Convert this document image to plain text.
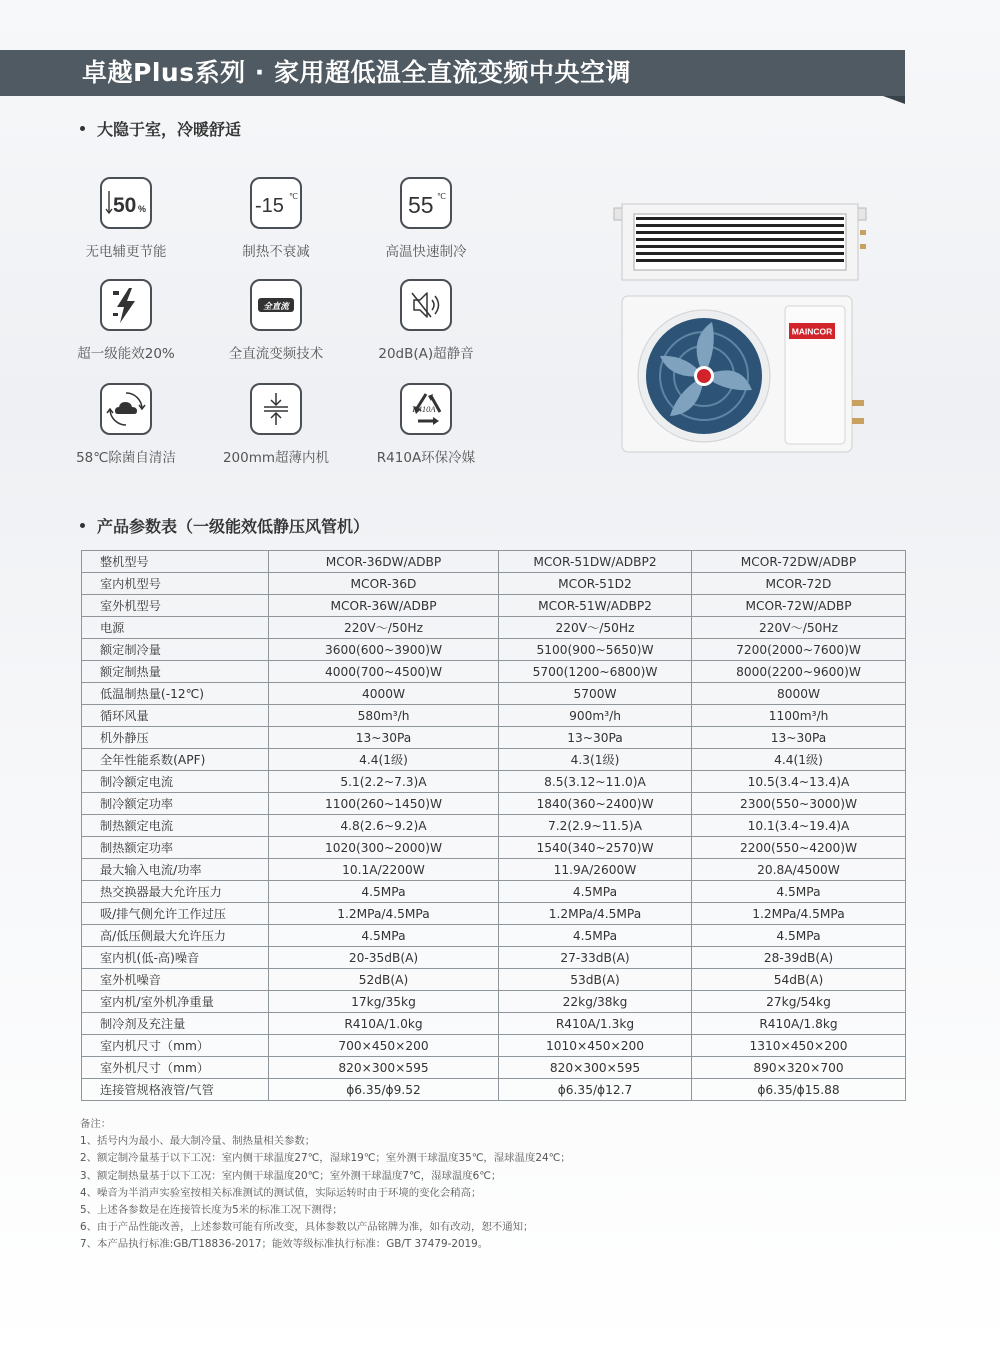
卓越Plus系列 · 家用超低温全直流变频中央空调
大隐于室，冷暖舒适
50 %
无电辅更节能
-15 ℃
制热不衰减
55 ℃
高温快速制冷
超一级能效20%
全直流
全直流变频技术	20dB(A)超静音
58℃除菌自清洁	200mm超薄内机
R410A
R410A环保冷媒
MAINCOR
产品参数表（一级能效低静压风管机）
整机型号	MCOR-36DW/ADBP	MCOR-51DW/ADBP2	MCOR-72DW/ADBP
室内机型号	MCOR-36D	MCOR-51D2	MCOR-72D
室外机型号	MCOR-36W/ADBP	MCOR-51W/ADBP2	MCOR-72W/ADBP
电源	220V～/50Hz	220V～/50Hz	220V～/50Hz
额定制冷量	3600(600~3900)W	5100(900~5650)W	7200(2000~7600)W
额定制热量	4000(700~4500)W	5700(1200~6800)W	8000(2200~9600)W
低温制热量(-12℃)	4000W	5700W	8000W
循环风量	580m³/h	900m³/h	1100m³/h
机外静压	13~30Pa	13~30Pa	13~30Pa
全年性能系数(APF)	4.4(1级)	4.3(1级)	4.4(1级)
制冷额定电流	5.1(2.2~7.3)A	8.5(3.12~11.0)A	10.5(3.4~13.4)A
制冷额定功率	1100(260~1450)W	1840(360~2400)W	2300(550~3000)W
制热额定电流	4.8(2.6~9.2)A	7.2(2.9~11.5)A	10.1(3.4~19.4)A
制热额定功率	1020(300~2000)W	1540(340~2570)W	2200(550~4200)W
最大输入电流/功率	10.1A/2200W	11.9A/2600W	20.8A/4500W
热交换器最大允许压力	4.5MPa	4.5MPa	4.5MPa
吸/排气侧允许工作过压	1.2MPa/4.5MPa	1.2MPa/4.5MPa	1.2MPa/4.5MPa
高/低压侧最大允许压力	4.5MPa	4.5MPa	4.5MPa
室内机(低-高)噪音	20-35dB(A)	27-33dB(A)	28-39dB(A)
室外机噪音	52dB(A)	53dB(A)	54dB(A)
室内机/室外机净重量	17kg/35kg	22kg/38kg	27kg/54kg
制冷剂及充注量	R410A/1.0kg	R410A/1.3kg	R410A/1.8kg
室内机尺寸（mm）	700×450×200	1010×450×200	1310×450×200
室外机尺寸（mm）	820×300×595	820×300×595	890×320×700
连接管规格液管/气管	ϕ6.35/ϕ9.52	ϕ6.35/ϕ12.7	ϕ6.35/ϕ15.88
备注：
1、括号内为最小、最大制冷量、制热量相关参数；
2、额定制冷量基于以下工况：室内侧干球温度27℃，湿球19℃；室外测干球温度35℃，湿球温度24℃；
3、额定制热量基于以下工况：室内侧干球温度20℃；室外测干球温度7℃，湿球温度6℃；
4、噪音为半消声实验室按相关标准测试的测试值，实际运转时由于环境的变化会稍高；
5、上述各参数是在连接管长度为5米的标准工况下测得；
6、由于产品性能改善，上述参数可能有所改变，具体参数以产品铭牌为准，如有改动，恕不通知；
7、本产品执行标准:GB/T18836-2017；能效等级标准执行标准：GB/T 37479-2019。
